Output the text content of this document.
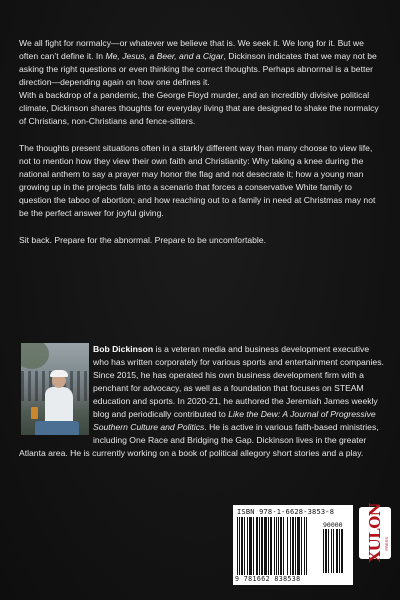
We all fight for normalcy—or whatever we believe that is. We seek it. We long for it. But we often can’t define it. In Me, Jesus, a Beer, and a Cigar, Dickinson indicates that we may not be asking the right questions or even thinking the correct thoughts. Perhaps abnormal is a better direction—depending again on how one defines it.

With a backdrop of a pandemic, the George Floyd murder, and an incredibly divisive political climate, Dickinson shares thoughts for everyday living that are designed to shake the normalcy of Christians, non-Christians and fence-sitters.

The thoughts present situations often in a starkly different way than many choose to view life, not to mention how they view their own faith and Christianity: Why taking a knee during the national anthem to say a prayer may honor the flag and not desecrate it; how a young man growing up in the projects falls into a scenario that forces a conservative White family to question the taboo of abortion; and how reaching out to a family in need at Christmas may not be the perfect answer for joyful giving.

Sit back. Prepare for the abnormal. Prepare to be uncomfortable.

Bob Dickinson is a veteran media and business development executive who has written corporately for various sports and entertainment companies. Since 2015, he has operated his own business development firm with a penchant for advocacy, as well as a foundation that focuses on STEAM education and sports. In 2020-21, he authored the Jeremiah James weekly blog and periodically contributed to Like the Dew: A Journal of Progressive Southern Culture and Politics. He is active in various faith-based ministries, including One Race and Bridging the Gap. Dickinson lives in the greater Atlanta area. He is currently working on a book of political allegory short stories and a play.
ISBN 978-1-6628-3853-8
90000
9 781662 838538
XULON PRESS
